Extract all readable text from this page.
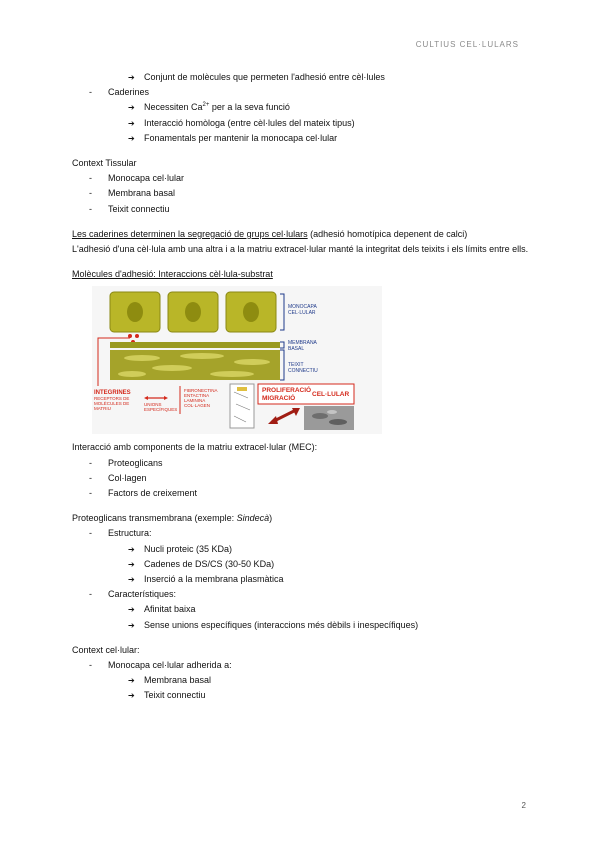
CULTIUS CEL·LULARS
➔ Conjunt de molècules que permeten l'adhesió entre cèl·lules
- Caderines
➔ Necessiten $Ca^{2+}$ per a la seva funció
➔ Interacció homòloga (entre cèl·lules del mateix tipus)
➔ Fonamentals per mantenir la monocapa cel·lular
Context Tissular
- Monocapa cel·lular
- Membrana basal
- Teixit connectiu
Les caderines determinen la segregació de grups cel·lulars (adhesió homotípica depenent de calci)
L'adhesió d'una cèl·lula amb una altra i a la matriu extracel·lular manté la integritat dels teixits i els límits entre ells.
Molècules d'adhesió: Interaccions cèl·lula-substrat
MONOCAPA
CEL·LULAR
MEMBRANA
BASAL
TEIXIT
CONNECTIU
INTEGRINES
RECEPTORS DE
MOLÈCULES DE
MATRIU
UNIONS
ESPECÍFIQUES
FIBRONECTINA
ENTACTINA
LAMININA
COL·LAGEN
PROLIFERACIÓ
MIGRACIÓ
CEL·LULAR
Interacció amb components de la matriu extracel·lular (MEC):
- Proteoglicans
- Col·lagen
- Factors de creixement
Proteoglicans transmembrana (exemple: Sindecà)
- Estructura:
➔ Nucli proteic (35 KDa)
➔ Cadenes de DS/CS (30-50 KDa)
➔ Inserció a la membrana plasmàtica
- Característiques:
➔ Afinitat baixa
➔ Sense unions específiques (interaccions més dèbils i inespecífiques)
Context cel·lular:
- Monocapa cel·lular adherida a:
➔ Membrana basal
➔ Teixit connectiu
2
